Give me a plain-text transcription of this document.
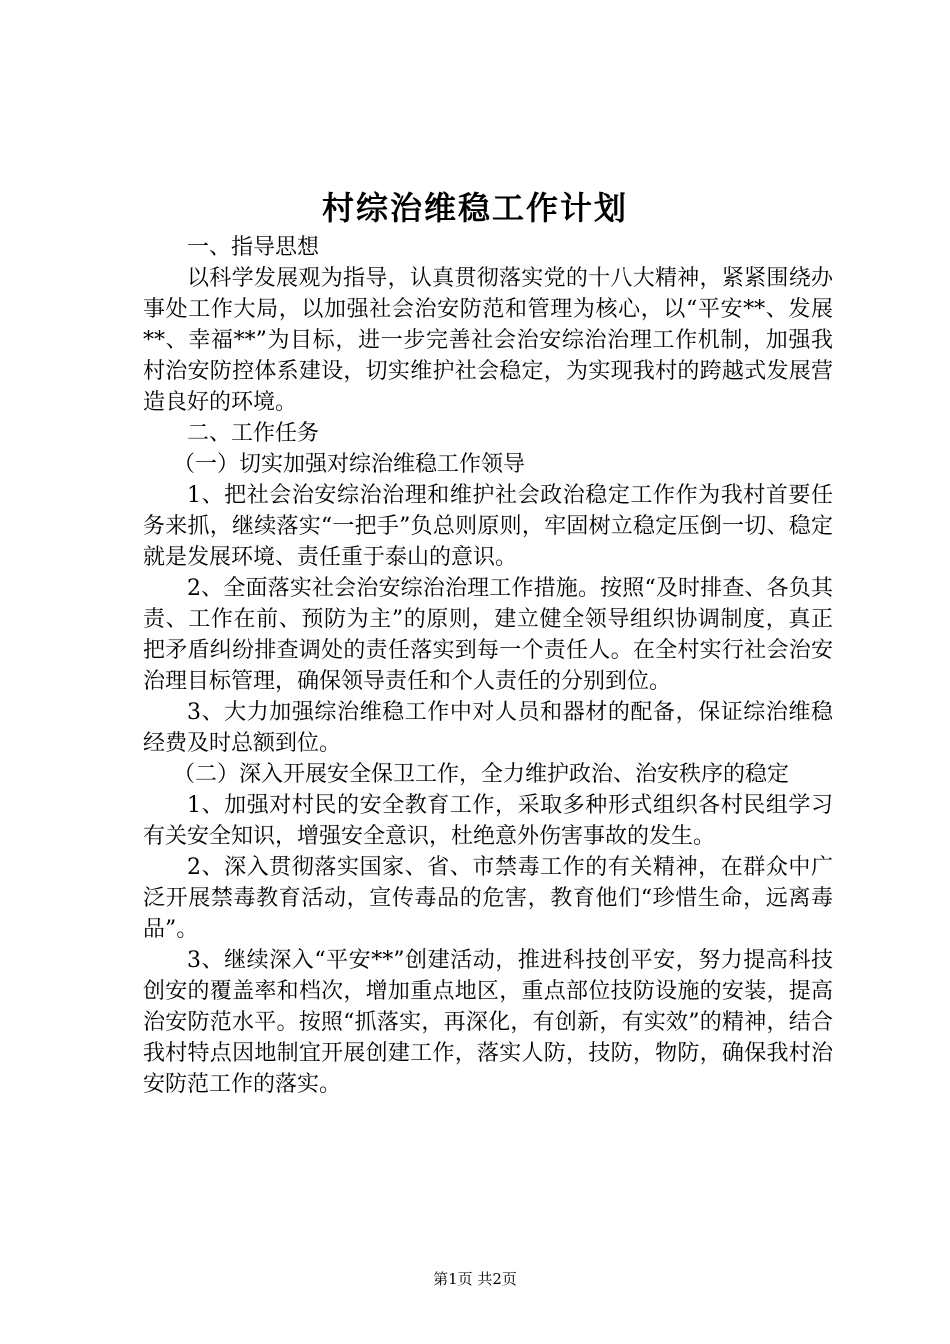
村综治维稳工作计划

一、指导思想

以科学发展观为指导，认真贯彻落实党的十八大精神，紧紧围绕办事处工作大局，以加强社会治安防范和管理为核心，以“平安**、发展**、幸福**”为目标，进一步完善社会治安综治治理工作机制，加强我村治安防控体系建设，切实维护社会稳定，为实现我村的跨越式发展营造良好的环境。

二、工作任务

（一）切实加强对综治维稳工作领导

1、把社会治安综治治理和维护社会政治稳定工作作为我村首要任务来抓，继续落实“一把手”负总则原则，牢固树立稳定压倒一切、稳定就是发展环境、责任重于泰山的意识。

2、全面落实社会治安综治治理工作措施。按照“及时排查、各负其责、工作在前、预防为主”的原则，建立健全领导组织协调制度，真正把矛盾纠纷排查调处的责任落实到每一个责任人。在全村实行社会治安治理目标管理，确保领导责任和个人责任的分别到位。

3、大力加强综治维稳工作中对人员和器材的配备，保证综治维稳经费及时总额到位。

（二）深入开展安全保卫工作，全力维护政治、治安秩序的稳定

1、加强对村民的安全教育工作，采取多种形式组织各村民组学习有关安全知识，增强安全意识，杜绝意外伤害事故的发生。

2、深入贯彻落实国家、省、市禁毒工作的有关精神，在群众中广泛开展禁毒教育活动，宣传毒品的危害，教育他们“珍惜生命，远离毒品”。

3、继续深入“平安**”创建活动，推进科技创平安，努力提高科技创安的覆盖率和档次，增加重点地区，重点部位技防设施的安装，提高治安防范水平。按照“抓落实，再深化，有创新，有实效”的精神，结合我村特点因地制宜开展创建工作，落实人防，技防，物防，确保我村治安防范工作的落实。

第1页 共2页
